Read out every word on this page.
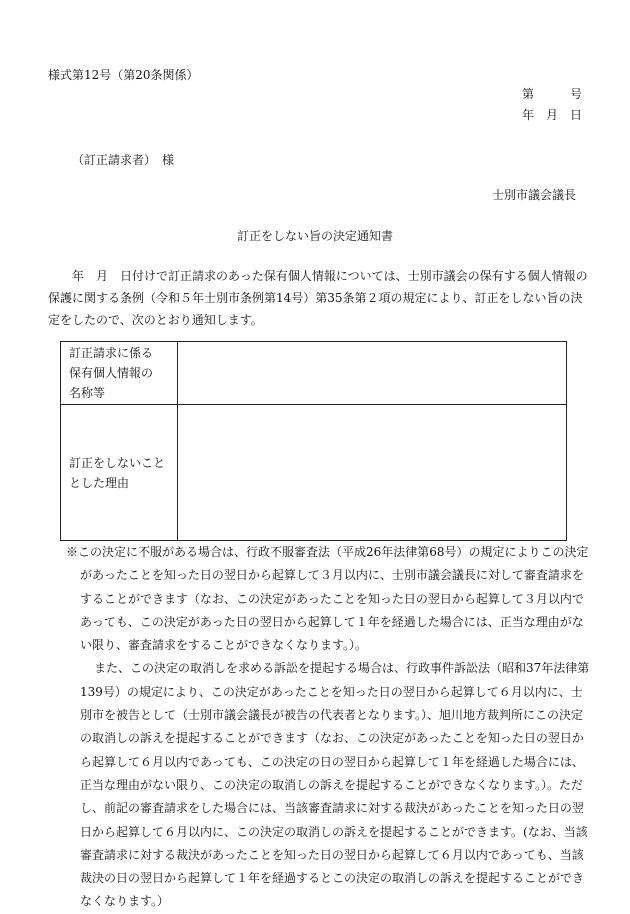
様式第12号（第20条関係）
第　　　号
年　月　日
（訂正請求者）　様
士別市議会議長
訂正をしない旨の決定通知書
年　月　日付けで訂正請求のあった保有個人情報については、士別市議会の保有する個人情報の保護に関する条例（令和５年士別市条例第14号）第35条第２項の規定により、訂正をしない旨の決定をしたので、次のとおり通知します。
訂正請求に係る
保有個人情報の
名称等	

訂正をしないこと
とした理由	

※この決定に不服がある場合は、行政不服審査法（平成26年法律第68号）の規定によりこの決定があったことを知った日の翌日から起算して３月以内に、士別市議会議長に対して審査請求をすることができます（なお、この決定があったことを知った日の翌日から起算して３月以内であっても、この決定があった日の翌日から起算して１年を経過した場合には、正当な理由がない限り、審査請求をすることができなくなります。）。

また、この決定の取消しを求める訴訟を提起する場合は、行政事件訴訟法（昭和37年法律第139号）の規定により、この決定があったことを知った日の翌日から起算して６月以内に、士別市を被告として（士別市議会議長が被告の代表者となります。）、旭川地方裁判所にこの決定の取消しの訴えを提起することができます（なお、この決定があったことを知った日の翌日から起算して６月以内であっても、この決定の日の翌日から起算して１年を経過した場合には、正当な理由がない限り、この決定の取消しの訴えを提起することができなくなります。）。ただし、前記の審査請求をした場合には、当該審査請求に対する裁決があったことを知った日の翌日から起算して６月以内に、この決定の取消しの訴えを提起することができます。(なお、当該審査請求に対する裁決があったことを知った日の翌日から起算して６月以内であっても、当該裁決の日の翌日から起算して１年を経過するとこの決定の取消しの訴えを提起することができなくなります。）
